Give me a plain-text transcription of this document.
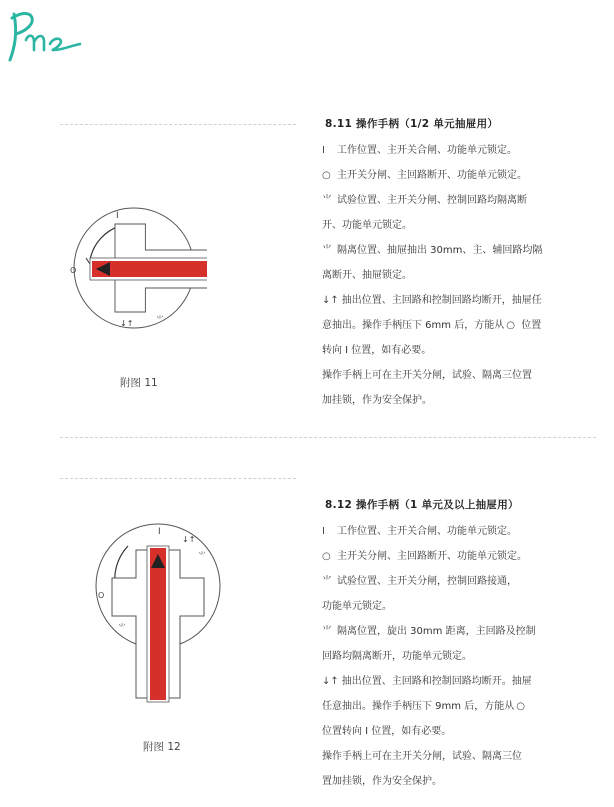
I
O
↓↑	⺌
附图 11
I
O
↓↑
⺌
⺌
附图 12
8.11 操作手柄（1/2 单元抽屉用）
Ⅰ 工作位置、主开关合闸、功能单元锁定。
○ 主开关分闸、主回路断开、功能单元锁定。
⺌ 试验位置、主开关分闸、控制回路均隔离断
开、功能单元锁定。
⺌ 隔离位置、抽屉抽出 30mm、主、辅回路均隔
离断开、抽屉锁定。
↓↑ 抽出位置、主回路和控制回路均断开，抽屉任
意抽出。操作手柄压下 6mm 后，方能从 ○ 位置
转向 I 位置，如有必要。
操作手柄上可在主开关分闸，试验、隔离三位置
加挂锁，作为安全保护。
8.12 操作手柄（1 单元及以上抽屉用）
Ⅰ 工作位置、主开关合闸、功能单元锁定。
○ 主开关分闸、主回路断开、功能单元锁定。
⺌ 试验位置、主开关分闸，控制回路接通，
功能单元锁定。
⺌ 隔离位置，旋出 30mm 距离，主回路及控制
回路均隔离断开，功能单元锁定。
↓↑ 抽出位置、主回路和控制回路均断开。抽屉
任意抽出。操作手柄压下 9mm 后，方能从 ○
位置转向 I 位置，如有必要。
操作手柄上可在主开关分闸，试验、隔离三位
置加挂锁，作为安全保护。
